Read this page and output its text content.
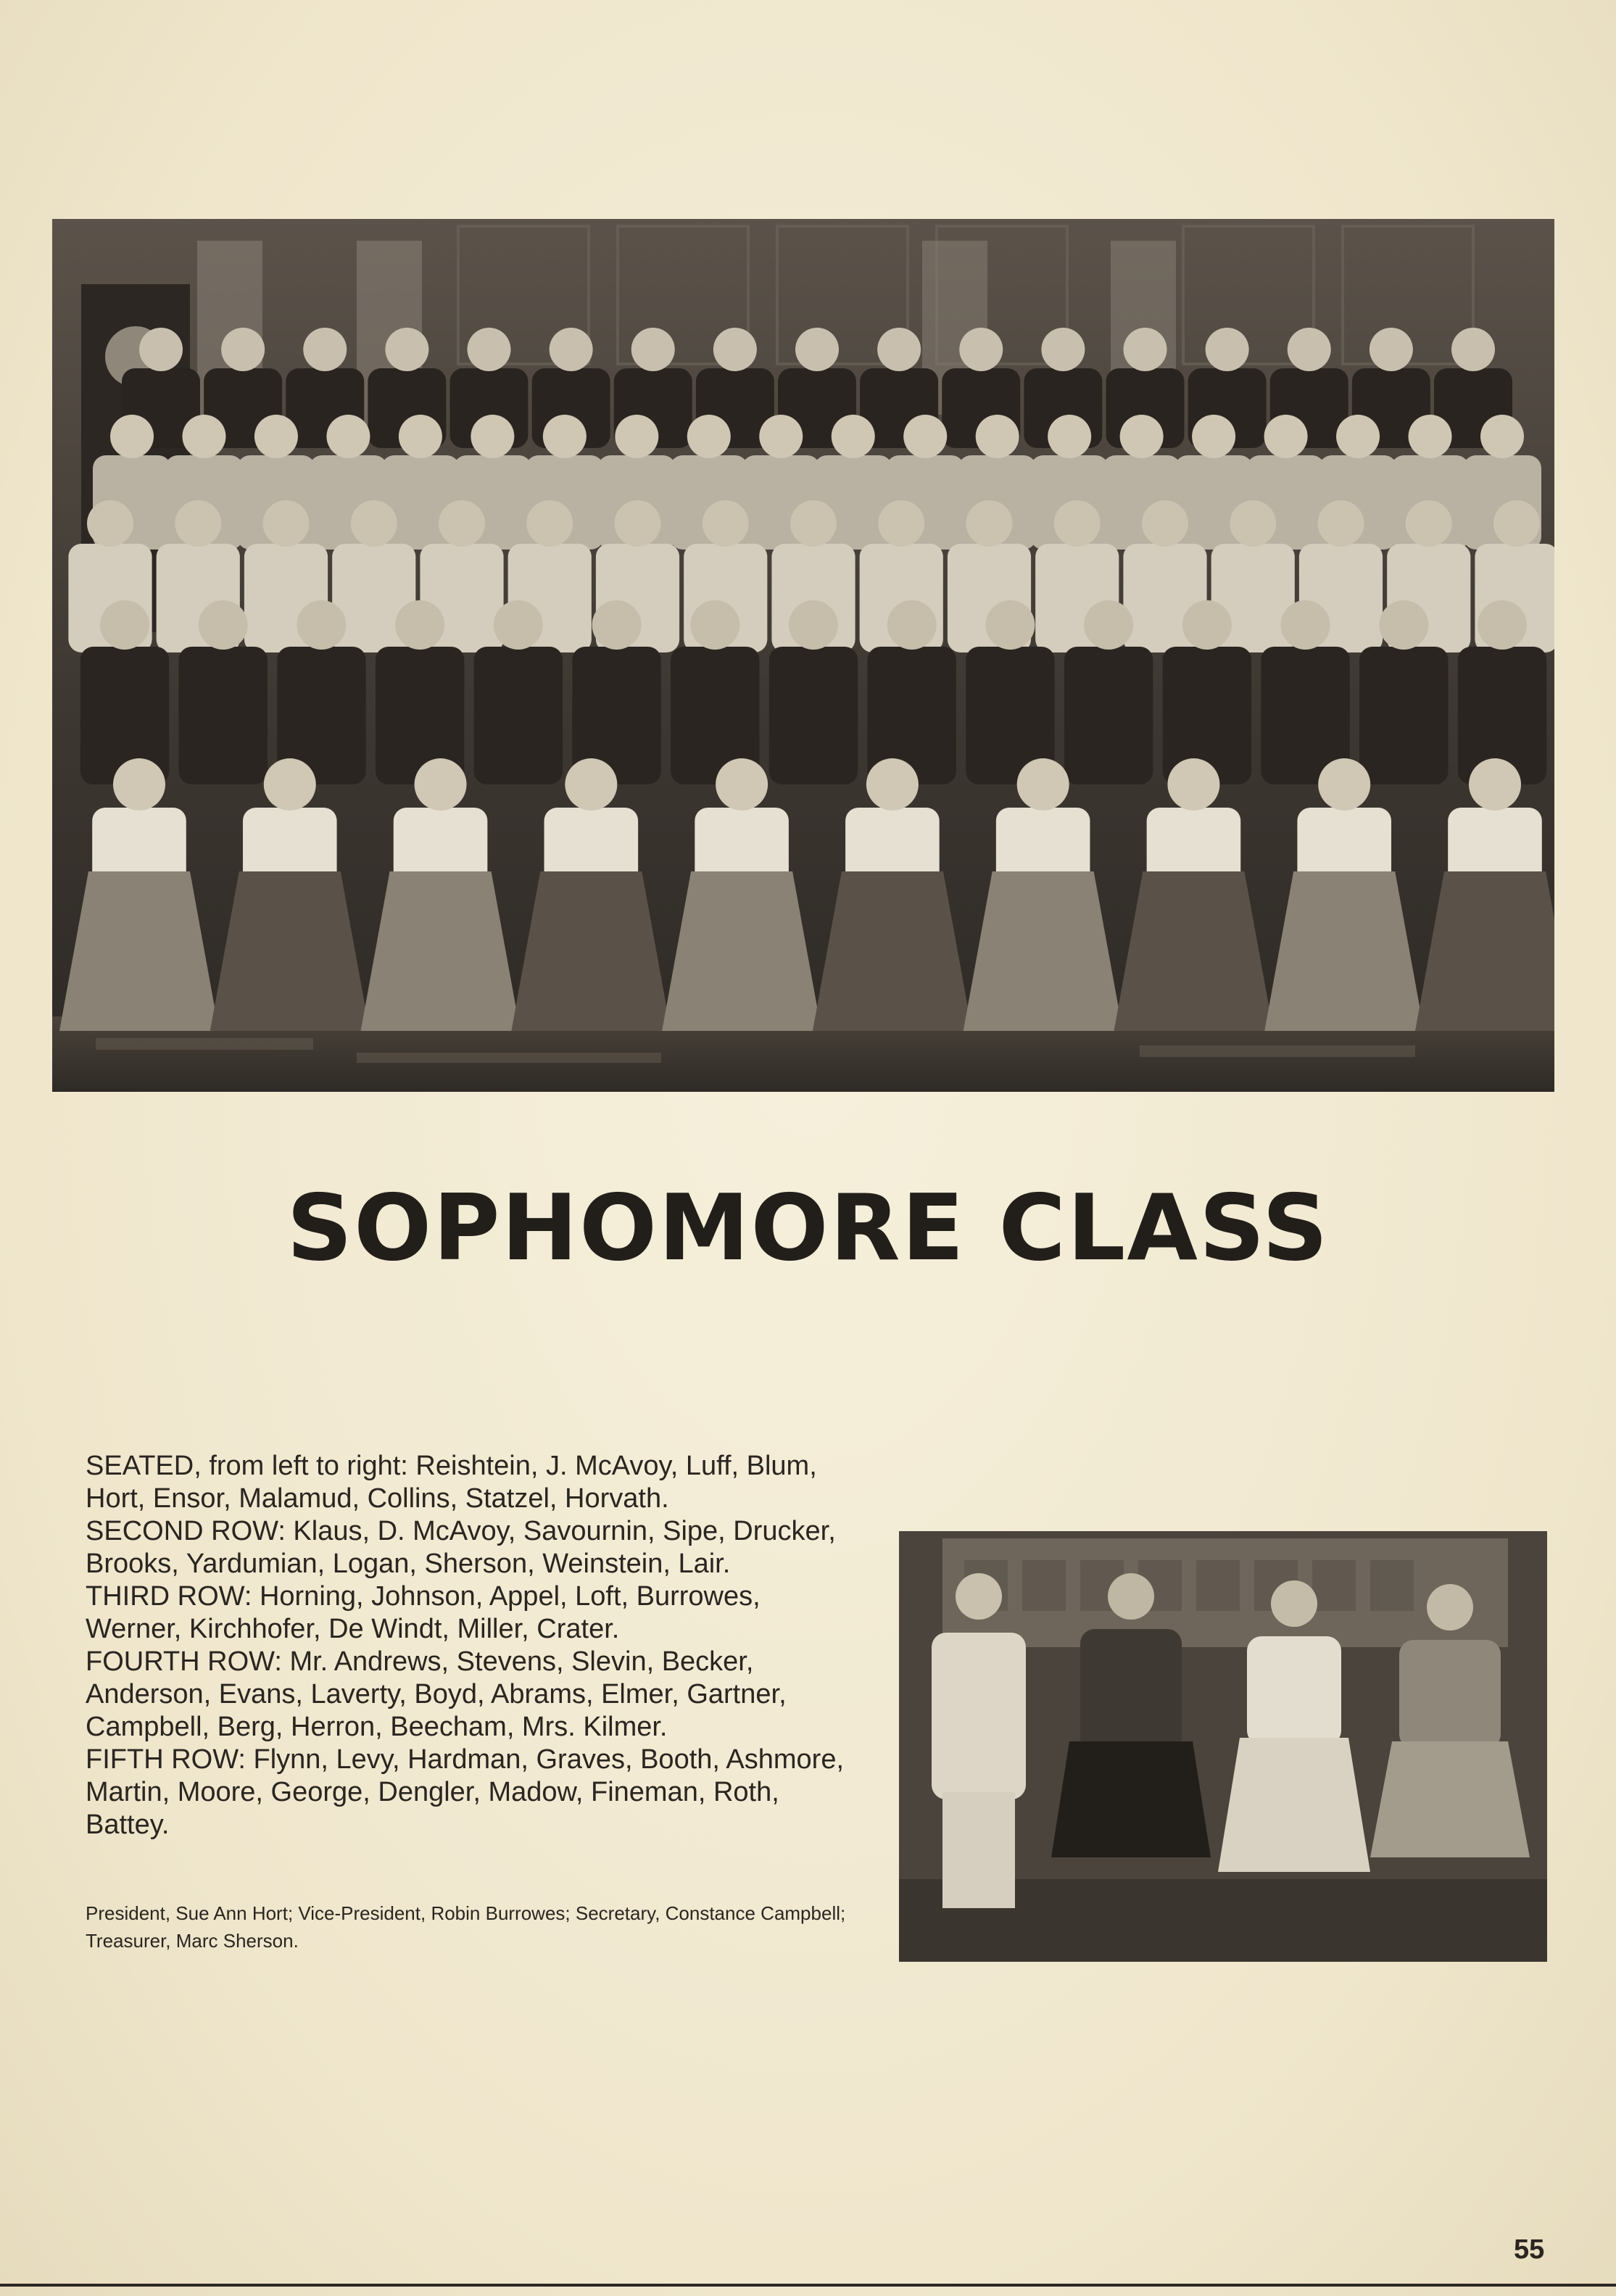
SOPHOMORE CLASS

SEATED, from left to right: Reishtein, J. McAvoy, Luff, Blum, Hort, Ensor, Malamud, Collins, Statzel, Horvath.

SECOND ROW: Klaus, D. McAvoy, Savournin, Sipe, Drucker, Brooks, Yardumian, Logan, Sherson, Weinstein, Lair.

THIRD ROW: Horning, Johnson, Appel, Loft, Burrowes, Werner, Kirchhofer, De Windt, Miller, Crater.

FOURTH ROW: Mr. Andrews, Stevens, Slevin, Becker, Anderson, Evans, Laverty, Boyd, Abrams, Elmer, Gartner, Campbell, Berg, Herron, Beecham, Mrs. Kilmer.

FIFTH ROW: Flynn, Levy, Hardman, Graves, Booth, Ashmore, Martin, Moore, George, Dengler, Madow, Fineman, Roth, Battey.

President, Sue Ann Hort; Vice-President, Robin Burrowes; Secretary, Constance Campbell; Treasurer, Marc Sherson.
55
